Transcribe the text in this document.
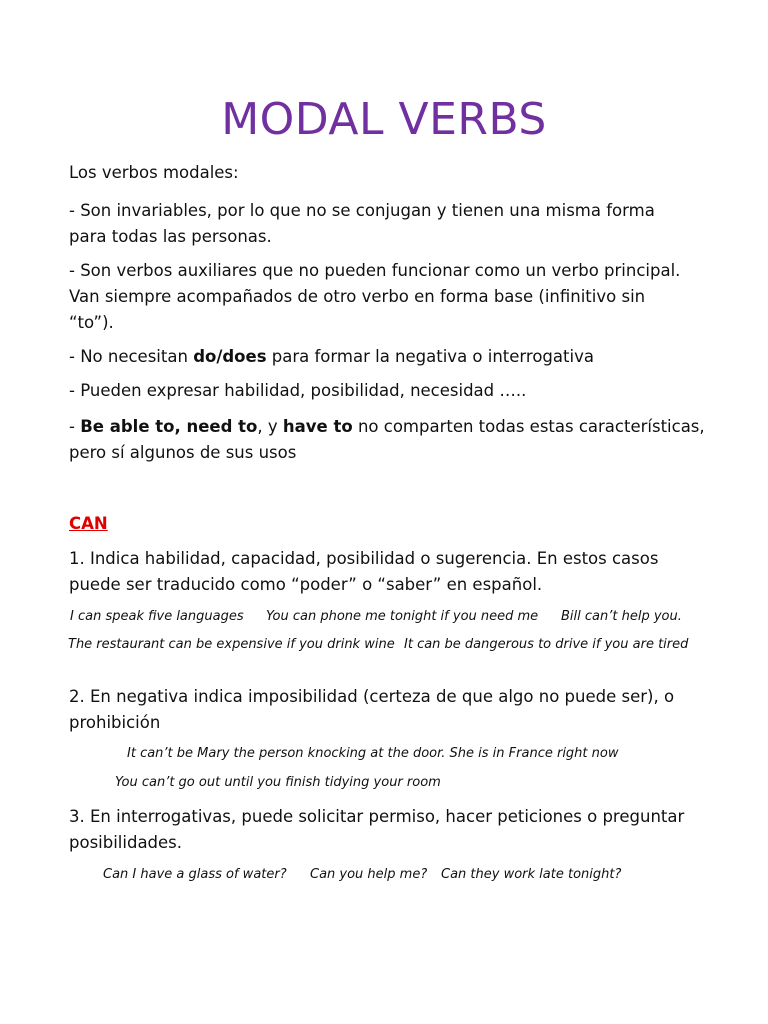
MODAL VERBS
Los verbos modales:
- Son invariables, por lo que no se conjugan y tienen una misma forma
para todas las personas.
- Son verbos auxiliares que no pueden funcionar como un verbo principal.
Van siempre acompañados de otro verbo en forma base (infinitivo sin
“to”).
- No necesitan do/does para formar la negativa o interrogativa
- Pueden expresar habilidad, posibilidad, necesidad …..
- Be able to, need to, y have to no comparten todas estas características,
pero sí algunos de sus usos
CAN
1. Indica habilidad, capacidad, posibilidad o sugerencia. En estos casos
puede ser traducido como “poder” o “saber” en español.
I can speak five languages You can phone me tonight if you need me Bill can’t help you.
The restaurant can be expensive if you drink wine It can be dangerous to drive if you are tired
2. En negativa indica imposibilidad (certeza de que algo no puede ser), o
prohibición
It can’t be Mary the person knocking at the door. She is in France right now
You can’t go out until you finish tidying your room
3. En interrogativas, puede solicitar permiso, hacer peticiones o preguntar
posibilidades.
Can I have a glass of water? Can you help me? Can they work late tonight?
